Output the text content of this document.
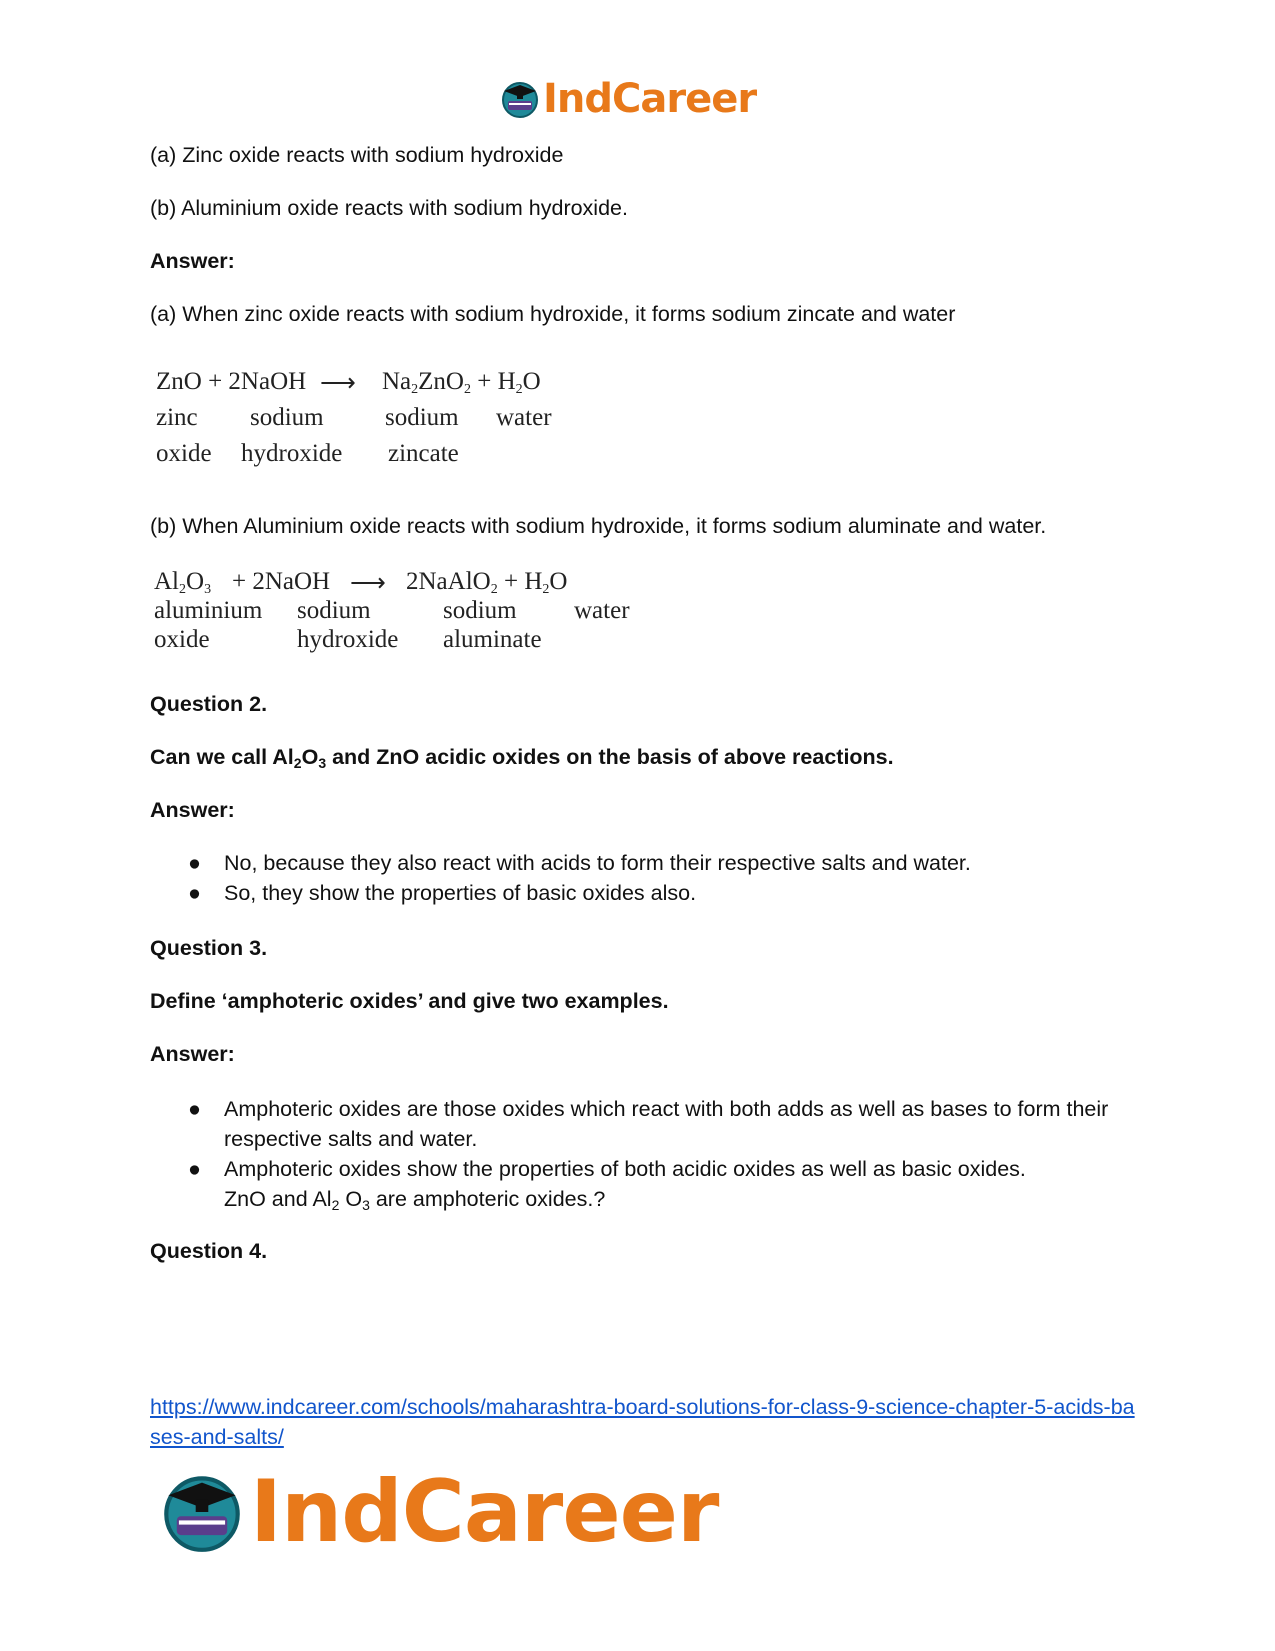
IndCareer
(a) Zinc oxide reacts with sodium hydroxide
(b) Aluminium oxide reacts with sodium hydroxide.
Answer:
(a) When zinc oxide reacts with sodium hydroxide, it forms sodium zincate and water
ZnO + 2NaOH ⟶ $Na_2ZnO_2 + H_2O$
zinc sodium sodium water
oxide hydroxide zincate
(b) When Aluminium oxide reacts with sodium hydroxide, it forms sodium aluminate and water.
$Al_2O_3$ + 2NaOH ⟶ 2NaAlO$_2$ + $H_2O$
aluminium sodium	sodium water
oxide	hydroxide aluminate
Question 2.
Can we call $Al_2O_3$ and ZnO acidic oxides on the basis of above reactions.
Answer:
● No, because they also react with acids to form their respective salts and water.
● So, they show the properties of basic oxides also.
Question 3.
Define ‘amphoteric oxides’ and give two examples.
Answer:
● Amphoteric oxides are those oxides which react with both adds as well as bases to form their respective salts and water.
● Amphoteric oxides show the properties of both acidic oxides as well as basic oxides.
ZnO and $Al_2$ $O_3$ are amphoteric oxides.?
Question 4.
https://www.indcareer.com/schools/maharashtra-board-solutions-for-class-9-science-chapter-5-acids-bases-and-salts/
IndCareer
